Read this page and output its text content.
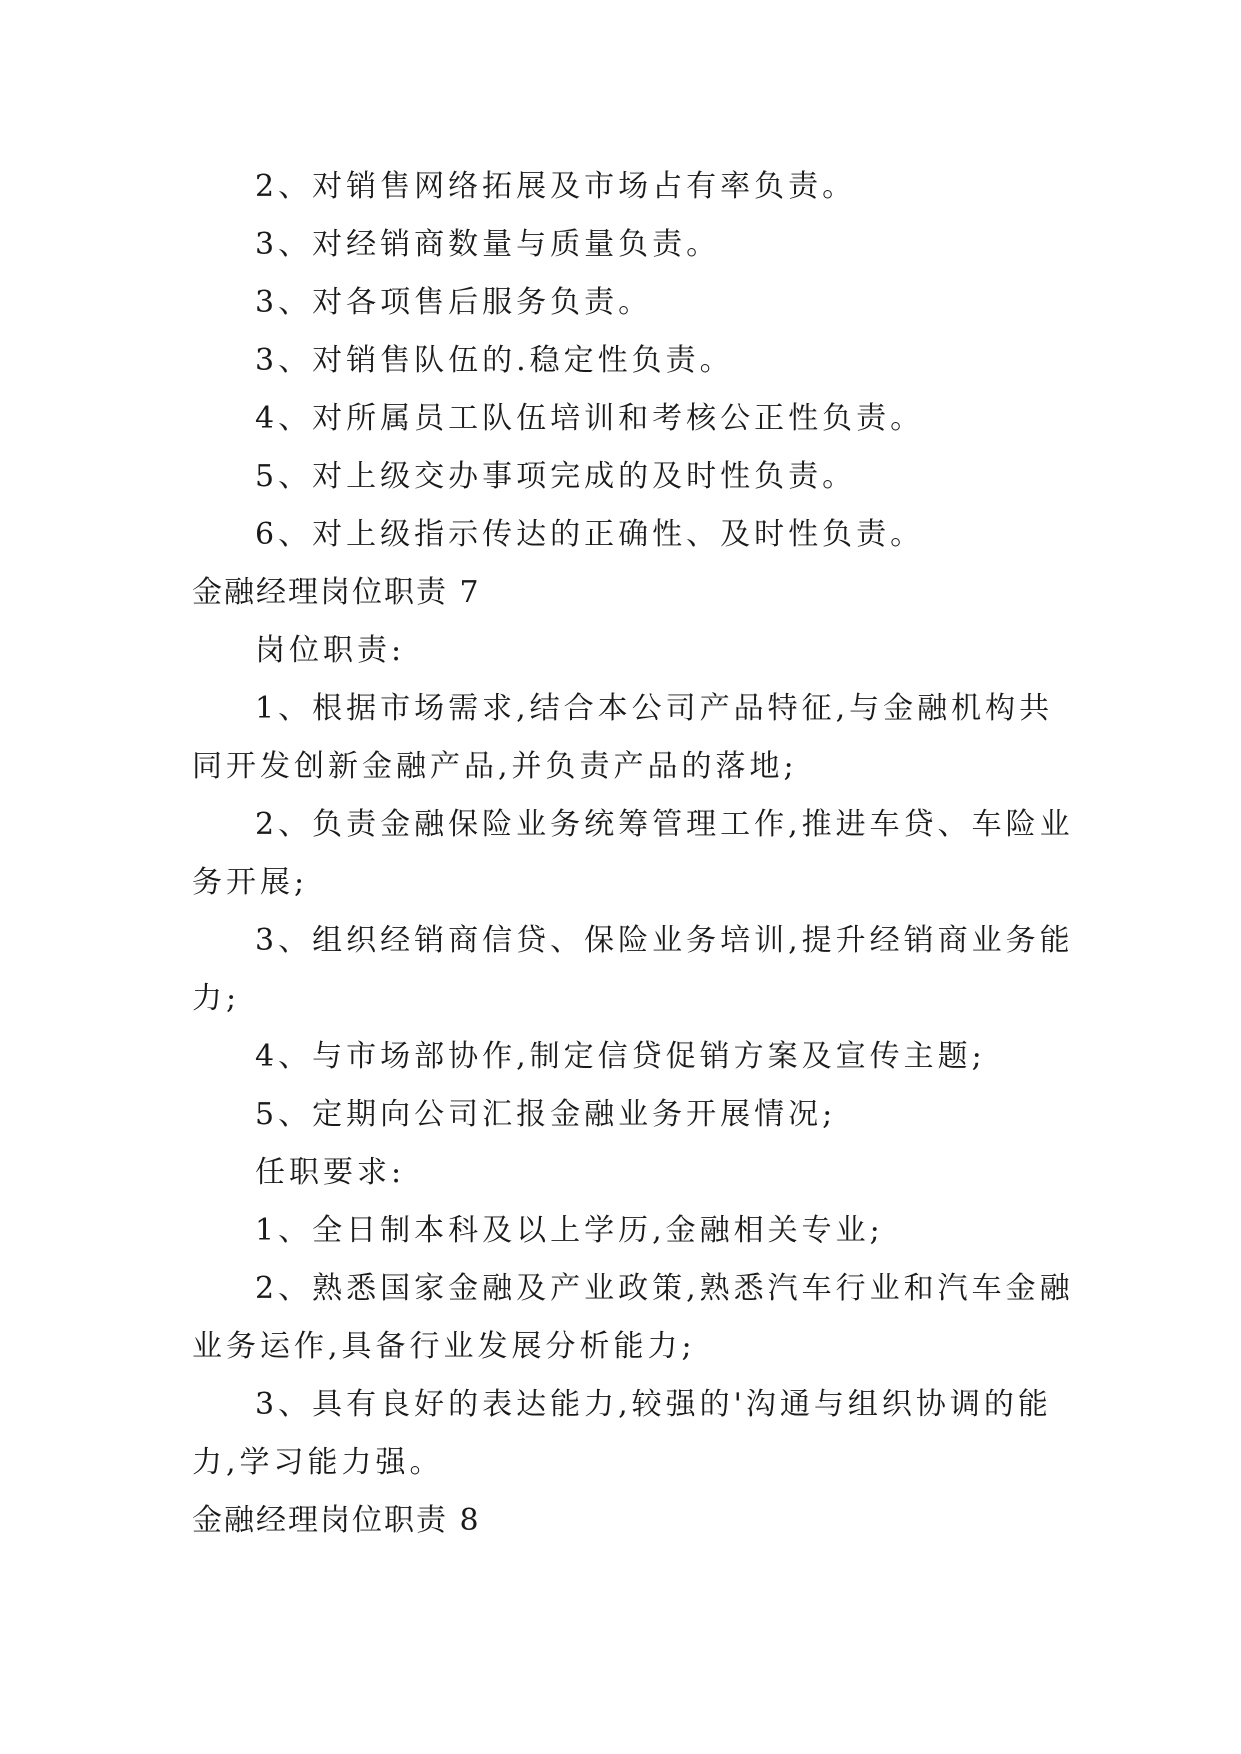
2、对销售网络拓展及市场占有率负责。
3、对经销商数量与质量负责。
3、对各项售后服务负责。
3、对销售队伍的.稳定性负责。
4、对所属员工队伍培训和考核公正性负责。
5、对上级交办事项完成的及时性负责。
6、对上级指示传达的正确性、及时性负责。
金融经理岗位职责 7
岗位职责:
1、根据市场需求,结合本公司产品特征,与金融机构共
同开发创新金融产品,并负责产品的落地;
2、负责金融保险业务统筹管理工作,推进车贷、车险业
务开展;
3、组织经销商信贷、保险业务培训,提升经销商业务能
力;
4、与市场部协作,制定信贷促销方案及宣传主题;
5、定期向公司汇报金融业务开展情况;
任职要求:
1、全日制本科及以上学历,金融相关专业;
2、熟悉国家金融及产业政策,熟悉汽车行业和汽车金融
业务运作,具备行业发展分析能力;
3、具有良好的表达能力,较强的'沟通与组织协调的能
力,学习能力强。
金融经理岗位职责 8
